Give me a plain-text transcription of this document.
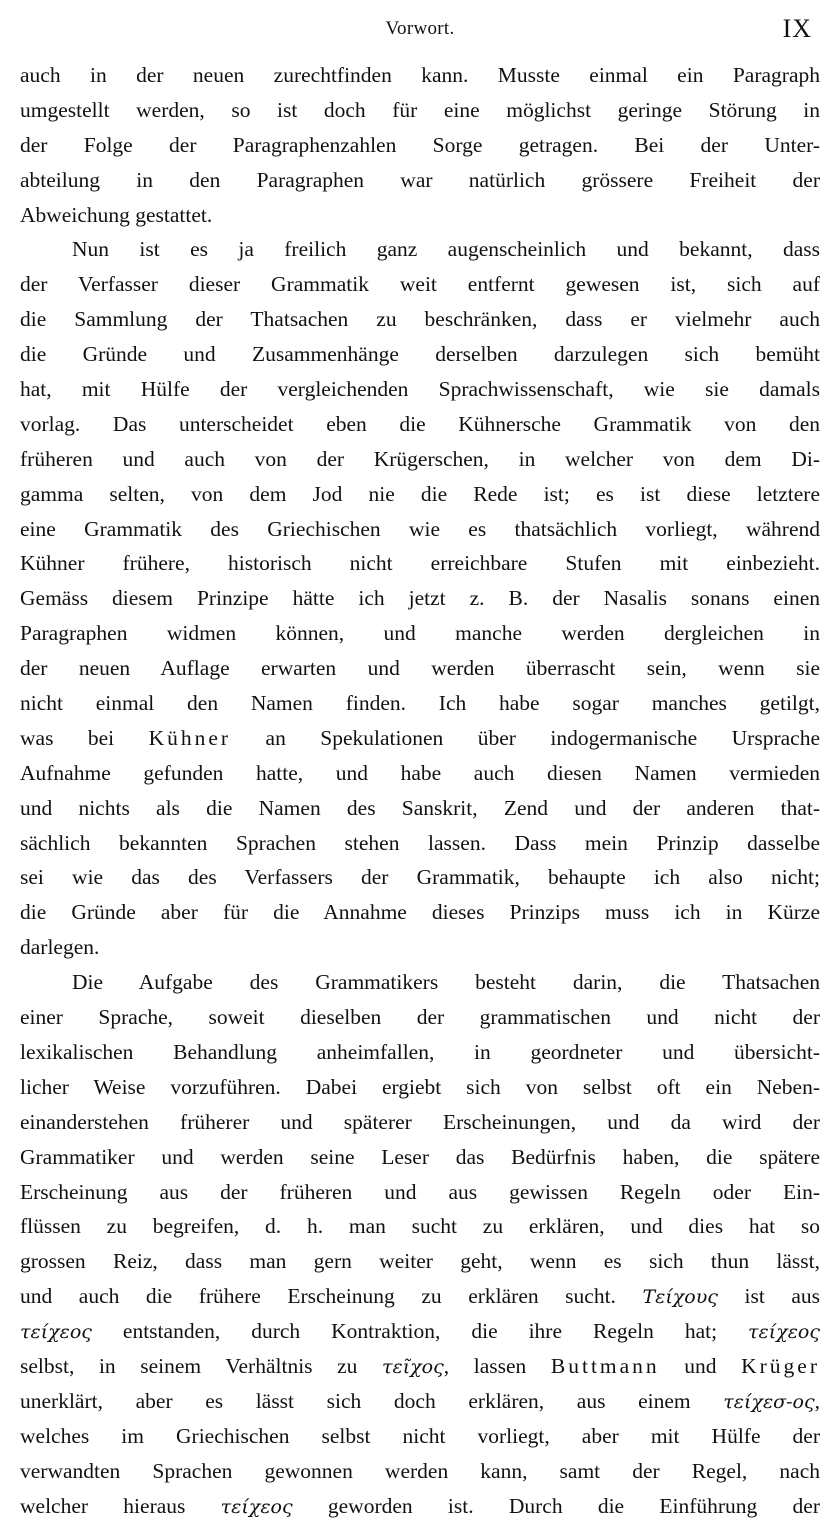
Vorwort.	IX
auch in der neuen zurechtfinden kann. Musste einmal ein Paragraph
umgestellt werden, so ist doch für eine möglichst geringe Störung in
der Folge der Paragraphenzahlen Sorge getragen. Bei der Unter-
abteilung in den Paragraphen war natürlich grössere Freiheit der
Abweichung gestattet.
Nun ist es ja freilich ganz augenscheinlich und bekannt, dass
der Verfasser dieser Grammatik weit entfernt gewesen ist, sich auf
die Sammlung der Thatsachen zu beschränken, dass er vielmehr auch
die Gründe und Zusammenhänge derselben darzulegen sich bemüht
hat, mit Hülfe der vergleichenden Sprachwissenschaft, wie sie damals
vorlag. Das unterscheidet eben die Kühnersche Grammatik von den
früheren und auch von der Krügerschen, in welcher von dem Di-
gamma selten, von dem Jod nie die Rede ist; es ist diese letztere
eine Grammatik des Griechischen wie es thatsächlich vorliegt, während
Kühner frühere, historisch nicht erreichbare Stufen mit einbezieht.
Gemäss diesem Prinzipe hätte ich jetzt z. B. der Nasalis sonans einen
Paragraphen widmen können, und manche werden dergleichen in
der neuen Auflage erwarten und werden überrascht sein, wenn sie
nicht einmal den Namen finden. Ich habe sogar manches getilgt,
was bei Kühner an Spekulationen über indogermanische Ursprache
Aufnahme gefunden hatte, und habe auch diesen Namen vermieden
und nichts als die Namen des Sanskrit, Zend und der anderen that-
sächlich bekannten Sprachen stehen lassen. Dass mein Prinzip dasselbe
sei wie das des Verfassers der Grammatik, behaupte ich also nicht;
die Gründe aber für die Annahme dieses Prinzips muss ich in Kürze
darlegen.
Die Aufgabe des Grammatikers besteht darin, die Thatsachen
einer Sprache, soweit dieselben der grammatischen und nicht der
lexikalischen Behandlung anheimfallen, in geordneter und übersicht-
licher Weise vorzuführen. Dabei ergiebt sich von selbst oft ein Neben-
einanderstehen früherer und späterer Erscheinungen, und da wird der
Grammatiker und werden seine Leser das Bedürfnis haben, die spätere
Erscheinung aus der früheren und aus gewissen Regeln oder Ein-
flüssen zu begreifen, d. h. man sucht zu erklären, und dies hat so
grossen Reiz, dass man gern weiter geht, wenn es sich thun lässt,
und auch die frühere Erscheinung zu erklären sucht. Τείχους ist aus
τείχεος entstanden, durch Kontraktion, die ihre Regeln hat; τείχεος
selbst, in seinem Verhältnis zu τεῖχος, lassen Buttmann und Krüger
unerklärt, aber es lässt sich doch erklären, aus einem τείχεσ-ος,
welches im Griechischen selbst nicht vorliegt, aber mit Hülfe der
verwandten Sprachen gewonnen werden kann, samt der Regel, nach
welcher hieraus τείχεος geworden ist. Durch die Einführung der
